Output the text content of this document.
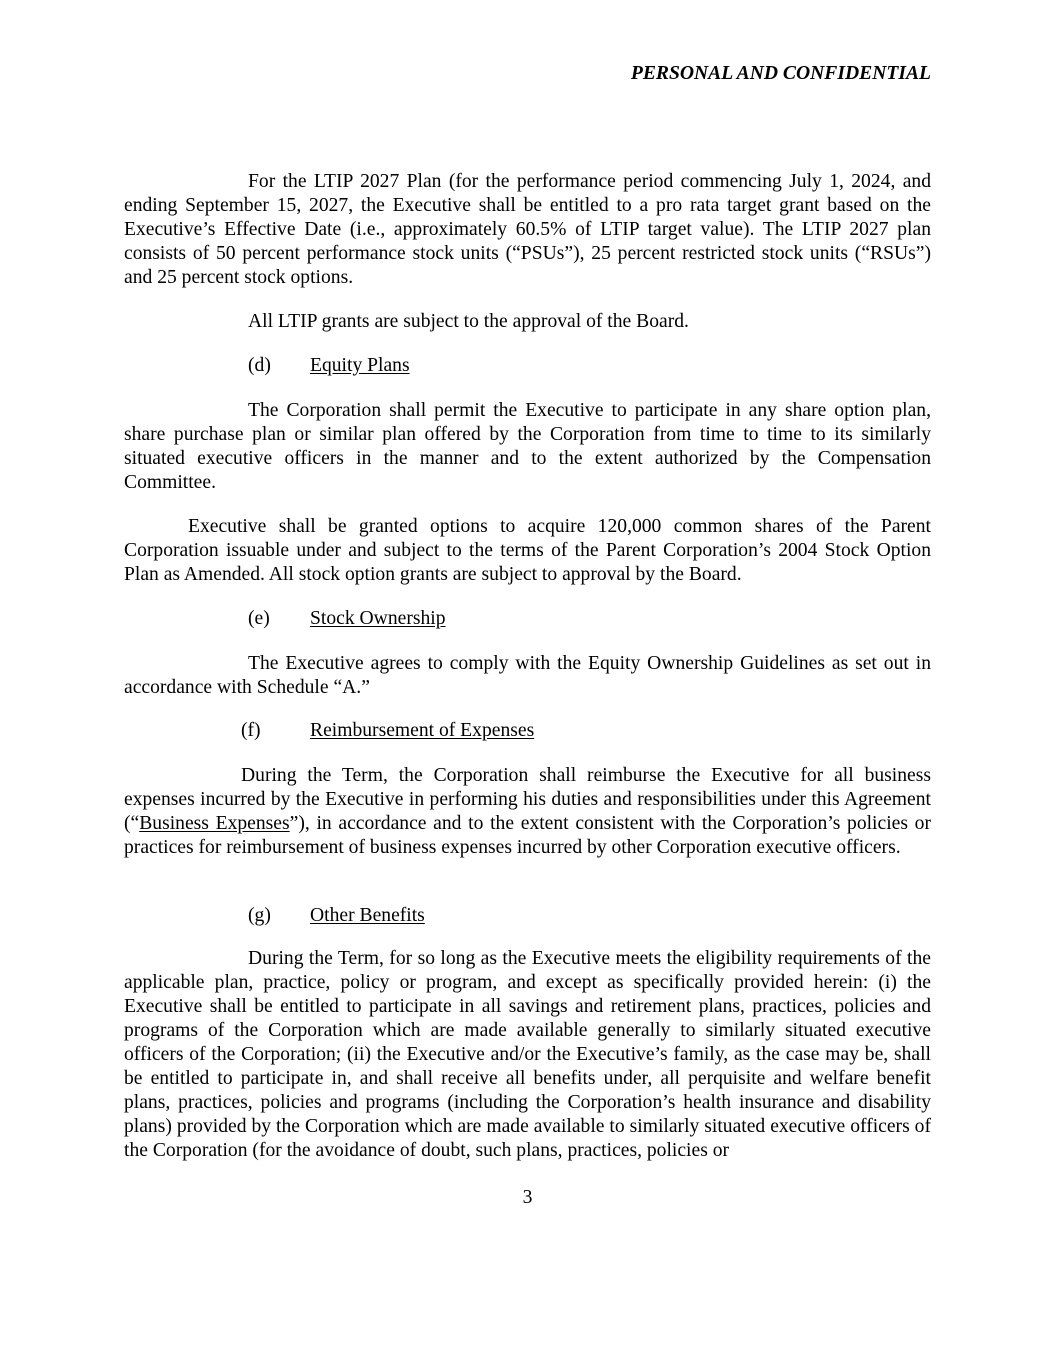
PERSONAL AND CONFIDENTIAL

For the LTIP 2027 Plan (for the performance period commencing July 1, 2024, and ending September 15, 2027, the Executive shall be entitled to a pro rata target grant based on the Executive’s Effective Date (i.e., approximately 60.5% of LTIP target value). The LTIP 2027 plan consists of 50 percent performance stock units (“PSUs”), 25 percent restricted stock units (“RSUs”) and 25 percent stock options.

All LTIP grants are subject to the approval of the Board.

(d) Equity Plans

The Corporation shall permit the Executive to participate in any share option plan, share purchase plan or similar plan offered by the Corporation from time to time to its similarly situated executive officers in the manner and to the extent authorized by the Compensation Committee.

Executive shall be granted options to acquire 120,000 common shares of the Parent Corporation issuable under and subject to the terms of the Parent Corporation’s 2004 Stock Option Plan as Amended. All stock option grants are subject to approval by the Board.

(e) Stock Ownership

The Executive agrees to comply with the Equity Ownership Guidelines as set out in accordance with Schedule “A.”

(f)	Reimbursement of Expenses

During the Term, the Corporation shall reimburse the Executive for all business expenses incurred by the Executive in performing his duties and responsibilities under this Agreement (“Business Expenses”), in accordance and to the extent consistent with the Corporation’s policies or practices for reimbursement of business expenses incurred by other Corporation executive officers.

(g) Other Benefits

During the Term, for so long as the Executive meets the eligibility requirements of the applicable plan, practice, policy or program, and except as specifically provided herein: (i) the Executive shall be entitled to participate in all savings and retirement plans, practices, policies and programs of the Corporation which are made available generally to similarly situated executive officers of the Corporation; (ii) the Executive and/or the Executive’s family, as the case may be, shall be entitled to participate in, and shall receive all benefits under, all perquisite and welfare benefit plans, practices, policies and programs (including the Corporation’s health insurance and disability plans) provided by the Corporation which are made available to similarly situated executive officers of the Corporation (for the avoidance of doubt, such plans, practices, policies or

3
